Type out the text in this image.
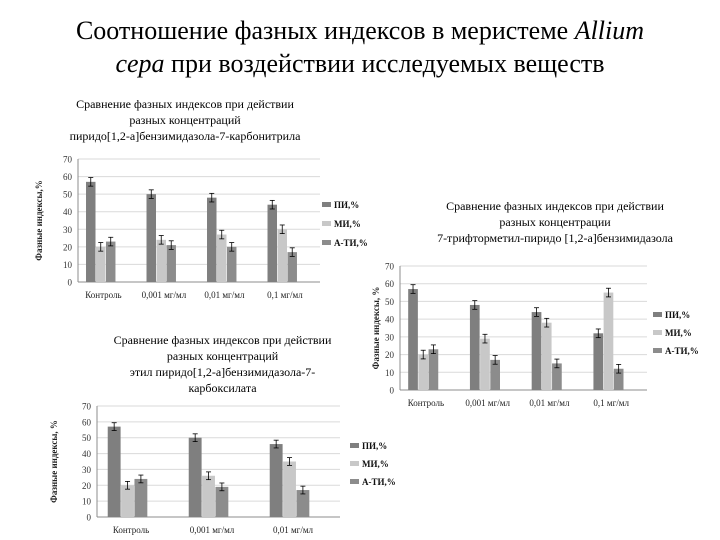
Соотношение фазных индексов в меристеме Allium
cepa при воздействии исследуемых веществ
Сравнение фазных индексов при действии
разных концентраций
пиридо[1,2-а]бензимидазола-7-карбонитрила
0
10
20
30
40
50
60
70
Фазные индексы,%
Контроль 0,001 мг/мл 0,01 мг/мл	0,1 мг/мл
ПИ,%
МИ,%
А-ТИ,%
Сравнение фазных индексов при действии
разных концентрации
7-трифторметил-пиридо [1,2-а]бензимидазола
0
10
20
30
40
50
60
70
Фазные индексы, %
Контроль 0,001 мг/мл 0,01 мг/мл	0,1 мг/мл
ПИ,%
МИ,%
А-ТИ,%
Сравнение фазных индексов при действии
разных концентраций
этил пиридо[1,2-а]бензимидазола-7-
карбоксилата
0
10
20
30
40
50
60
70
Фазные индексы, %
Контроль	0,001 мг/мл	0,01 мг/мл
ПИ,%
МИ,%
А-ТИ,%
